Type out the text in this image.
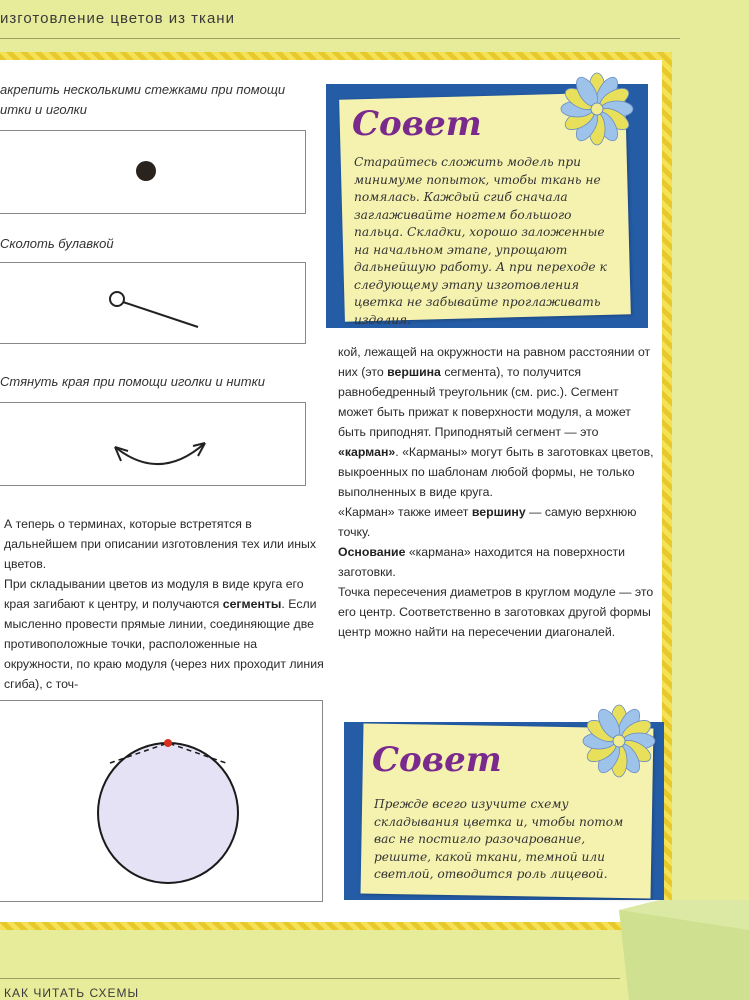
изготовление цветов из ткани

акрепить несколькими стежками при помощи итки и иголки

Сколоть булавкой

Стянуть края при помощи иголки и нитки

А теперь о терминах, которые встретятся в дальнейшем при описании изготовления тех или иных цветов.

При складывании цветов из модуля в виде круга его края загибают к центру, и получаются сегменты. Если мысленно провести прямые линии, соединяющие две противоположные точки, расположенные на окружности, по краю модуля (через них проходит линия сгиба), с точ-

кой, лежащей на окружности на равном расстоянии от них (это вершина сегмента), то получится равнобедренный треугольник (см. рис.). Сегмент может быть прижат к поверхности модуля, а может быть приподнят. Приподнятый сегмент — это «карман». «Карманы» могут быть в заготовках цветов, выкроенных по шаблонам любой формы, не только выполненных в виде круга.

«Карман» также имеет вершину — самую верхнюю точку.

Основание «кармана» находится на поверхности заготовки.

Точка пересечения диаметров в круглом модуле — это его центр. Соответственно в заготовках другой формы центр можно найти на пересечении диагоналей.

Совет

Старайтесь сложить модель при минимуме попыток, чтобы ткань не помялась. Каждый сгиб сначала заглаживайте ногтем большого пальца. Складки, хорошо заложенные на начальном этапе, упрощают дальнейшую работу. А при переходе к следующему этапу изготовления цветка не забывайте проглаживать изделия.

Совет

Прежде всего изучите схему складывания цветка и, чтобы потом вас не постигло разочарование, решите, какой ткани, темной или светлой, отводится роль лицевой.

КАК ЧИТАТЬ СХЕМЫ
